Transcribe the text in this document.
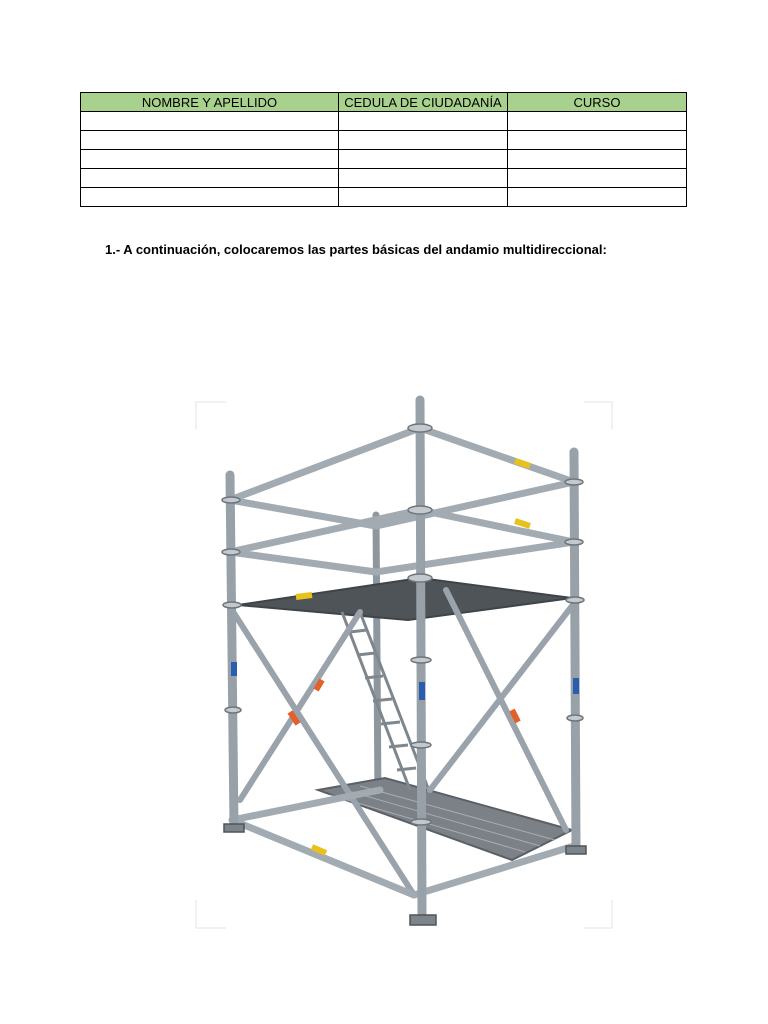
NOMBRE Y APELLIDO	CEDULA DE CIUDADANÍA	CURSO

1.- A continuación, colocaremos las partes básicas del andamio multidireccional:
